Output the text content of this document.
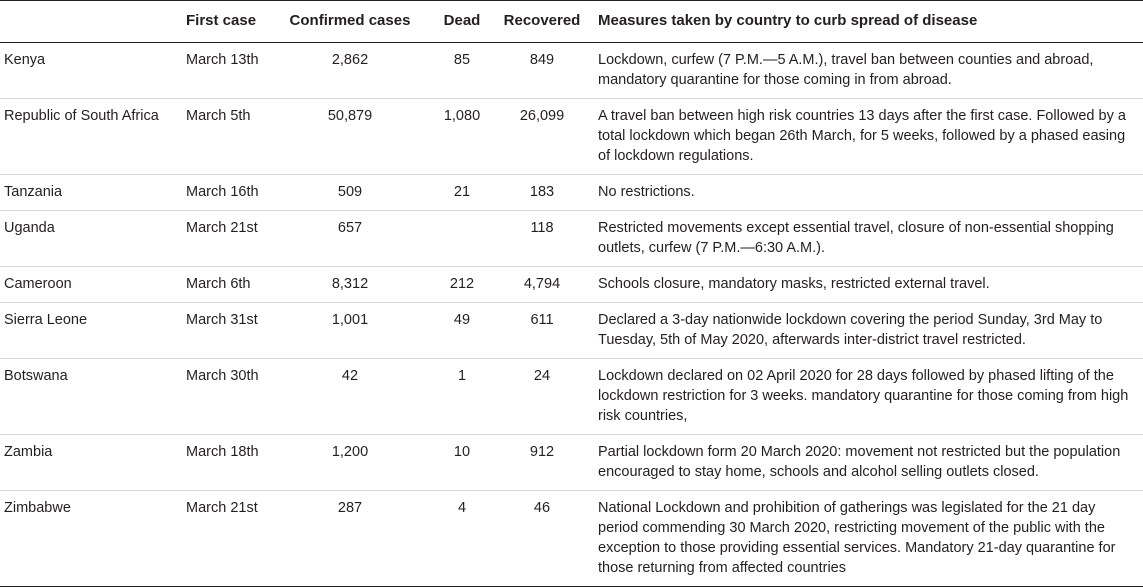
	First case	Confirmed cases	Dead	Recovered	Measures taken by country to curb spread of disease
Kenya	March 13th	2,862	85	849	Lockdown, curfew (7 P.M.—5 A.M.), travel ban between counties and abroad, mandatory quarantine for those coming in from abroad.
Republic of South Africa	March 5th	50,879	1,080	26,099	A travel ban between high risk countries 13 days after the first case. Followed by a total lockdown which began 26th March, for 5 weeks, followed by a phased easing of lockdown regulations.
Tanzania	March 16th	509	21	183	No restrictions.
Uganda	March 21st	657		118	Restricted movements except essential travel, closure of non-essential shopping outlets, curfew (7 P.M.—6:30 A.M.).
Cameroon	March 6th	8,312	212	4,794	Schools closure, mandatory masks, restricted external travel.
Sierra Leone	March 31st	1,001	49	611	Declared a 3-day nationwide lockdown covering the period Sunday, 3rd May to Tuesday, 5th of May 2020, afterwards inter-district travel restricted.
Botswana	March 30th	42	1	24	Lockdown declared on 02 April 2020 for 28 days followed by phased lifting of the lockdown restriction for 3 weeks. mandatory quarantine for those coming from high risk countries,
Zambia	March 18th	1,200	10	912	Partial lockdown form 20 March 2020: movement not restricted but the population encouraged to stay home, schools and alcohol selling outlets closed.
Zimbabwe	March 21st	287	4	46	National Lockdown and prohibition of gatherings was legislated for the 21 day period commending 30 March 2020, restricting movement of the public with the exception to those providing essential services. Mandatory 21-day quarantine for those returning from affected countries
